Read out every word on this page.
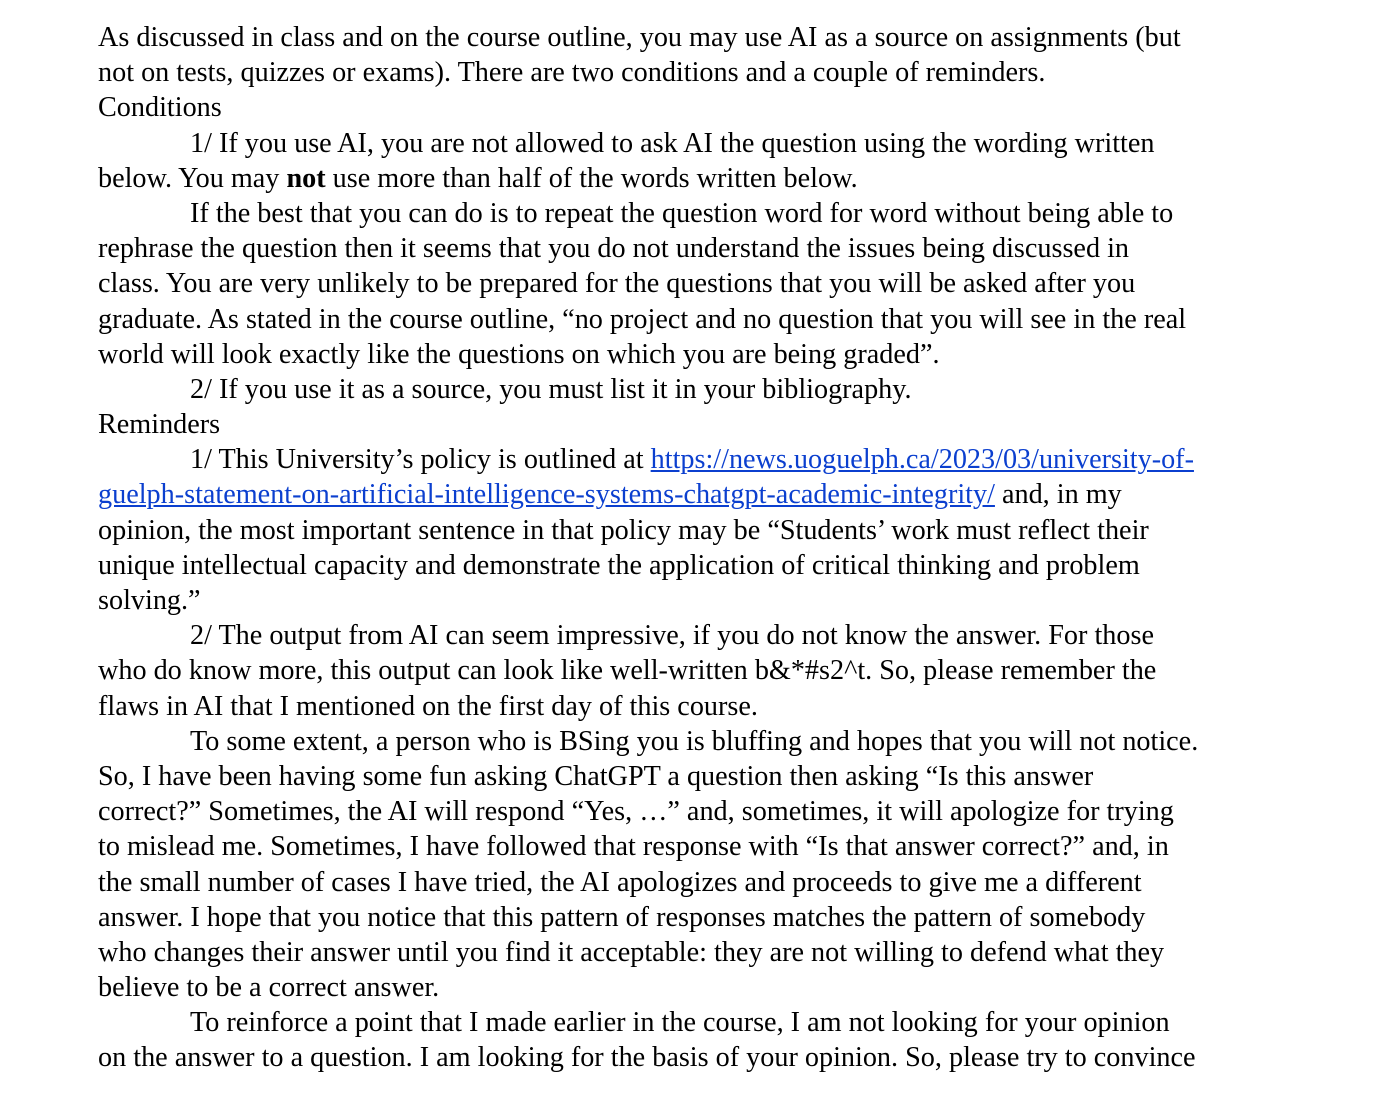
As discussed in class and on the course outline, you may use AI as a source on assignments (but
not on tests, quizzes or exams). There are two conditions and a couple of reminders.
Conditions
1/ If you use AI, you are not allowed to ask AI the question using the wording written
below. You may not use more than half of the words written below.
If the best that you can do is to repeat the question word for word without being able to
rephrase the question then it seems that you do not understand the issues being discussed in
class. You are very unlikely to be prepared for the questions that you will be asked after you
graduate. As stated in the course outline, “no project and no question that you will see in the real
world will look exactly like the questions on which you are being graded”.
2/ If you use it as a source, you must list it in your bibliography.
Reminders
1/ This University’s policy is outlined at https://news.uoguelph.ca/2023/03/university-of-
guelph-statement-on-artificial-intelligence-systems-chatgpt-academic-integrity/ and, in my
opinion, the most important sentence in that policy may be “Students’ work must reflect their
unique intellectual capacity and demonstrate the application of critical thinking and problem
solving.”
2/ The output from AI can seem impressive, if you do not know the answer. For those
who do know more, this output can look like well-written b&*#s2^t. So, please remember the
flaws in AI that I mentioned on the first day of this course.
To some extent, a person who is BSing you is bluffing and hopes that you will not notice.
So, I have been having some fun asking ChatGPT a question then asking “Is this answer
correct?” Sometimes, the AI will respond “Yes, …” and, sometimes, it will apologize for trying
to mislead me. Sometimes, I have followed that response with “Is that answer correct?” and, in
the small number of cases I have tried, the AI apologizes and proceeds to give me a different
answer. I hope that you notice that this pattern of responses matches the pattern of somebody
who changes their answer until you find it acceptable: they are not willing to defend what they
believe to be a correct answer.
To reinforce a point that I made earlier in the course, I am not looking for your opinion
on the answer to a question. I am looking for the basis of your opinion. So, please try to convince
